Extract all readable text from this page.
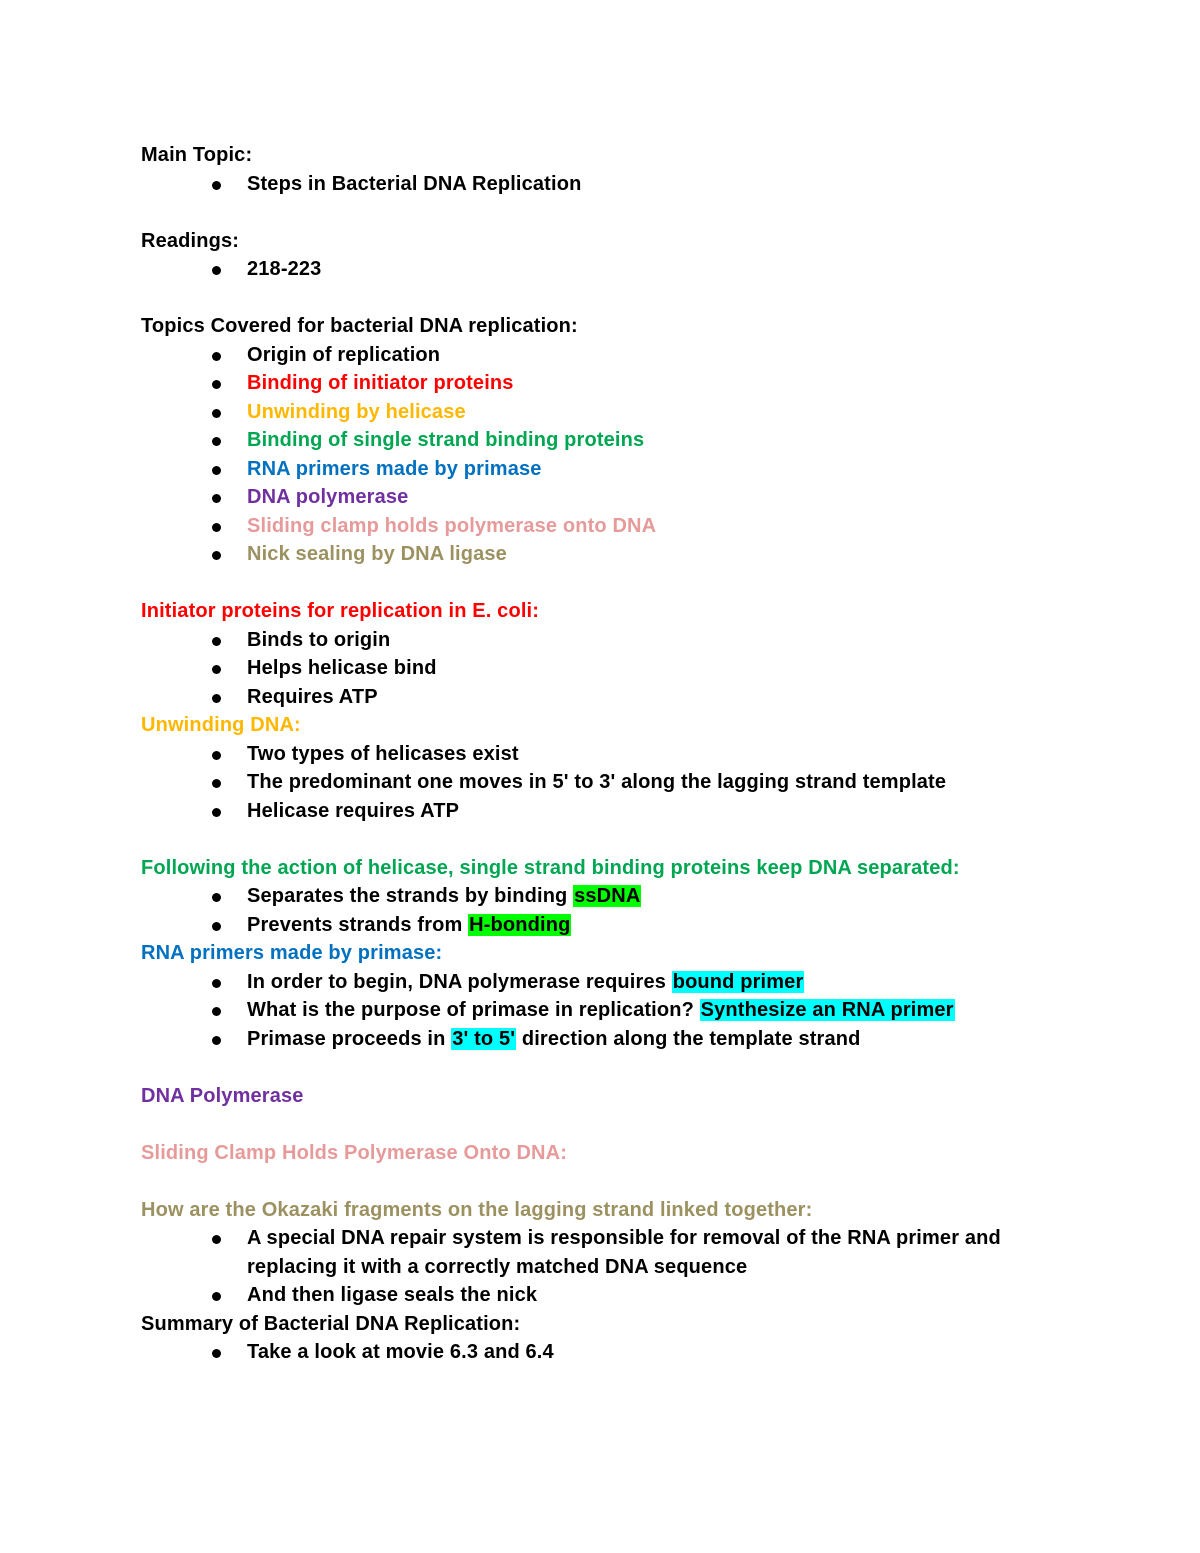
Main Topic:
Steps in Bacterial DNA Replication
Readings:
218-223
Topics Covered for bacterial DNA replication:
Origin of replication
Binding of initiator proteins
Unwinding by helicase
Binding of single strand binding proteins
RNA primers made by primase
DNA polymerase
Sliding clamp holds polymerase onto DNA
Nick sealing by DNA ligase
Initiator proteins for replication in E. coli:
Binds to origin
Helps helicase bind
Requires ATP
Unwinding DNA:
Two types of helicases exist
The predominant one moves in 5' to 3' along the lagging strand template
Helicase requires ATP
Following the action of helicase, single strand binding proteins keep DNA separated:
Separates the strands by binding ssDNA
Prevents strands from H-bonding
RNA primers made by primase:
In order to begin, DNA polymerase requires bound primer
What is the purpose of primase in replication? Synthesize an RNA primer
Primase proceeds in 3' to 5' direction along the template strand
DNA Polymerase
Sliding Clamp Holds Polymerase Onto DNA:
How are the Okazaki fragments on the lagging strand linked together:
A special DNA repair system is responsible for removal of the RNA primer and
replacing it with a correctly matched DNA sequence
And then ligase seals the nick
Summary of Bacterial DNA Replication:
Take a look at movie 6.3 and 6.4
